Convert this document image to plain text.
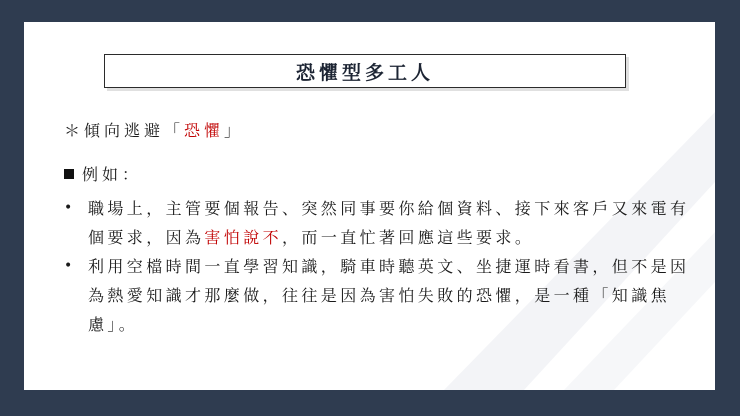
恐懼型多工人
＊傾向逃避「恐懼」
例如：
• 職場上，主管要個報告、突然同事要你給個資料、接下來客戶又來電有個要求，因為害怕說不，而一直忙著回應這些要求。
• 利用空檔時間一直學習知識，騎車時聽英文、坐捷運時看書，但不是因為熱愛知識才那麼做，往往是因為害怕失敗的恐懼，是一種「知識焦慮」。
